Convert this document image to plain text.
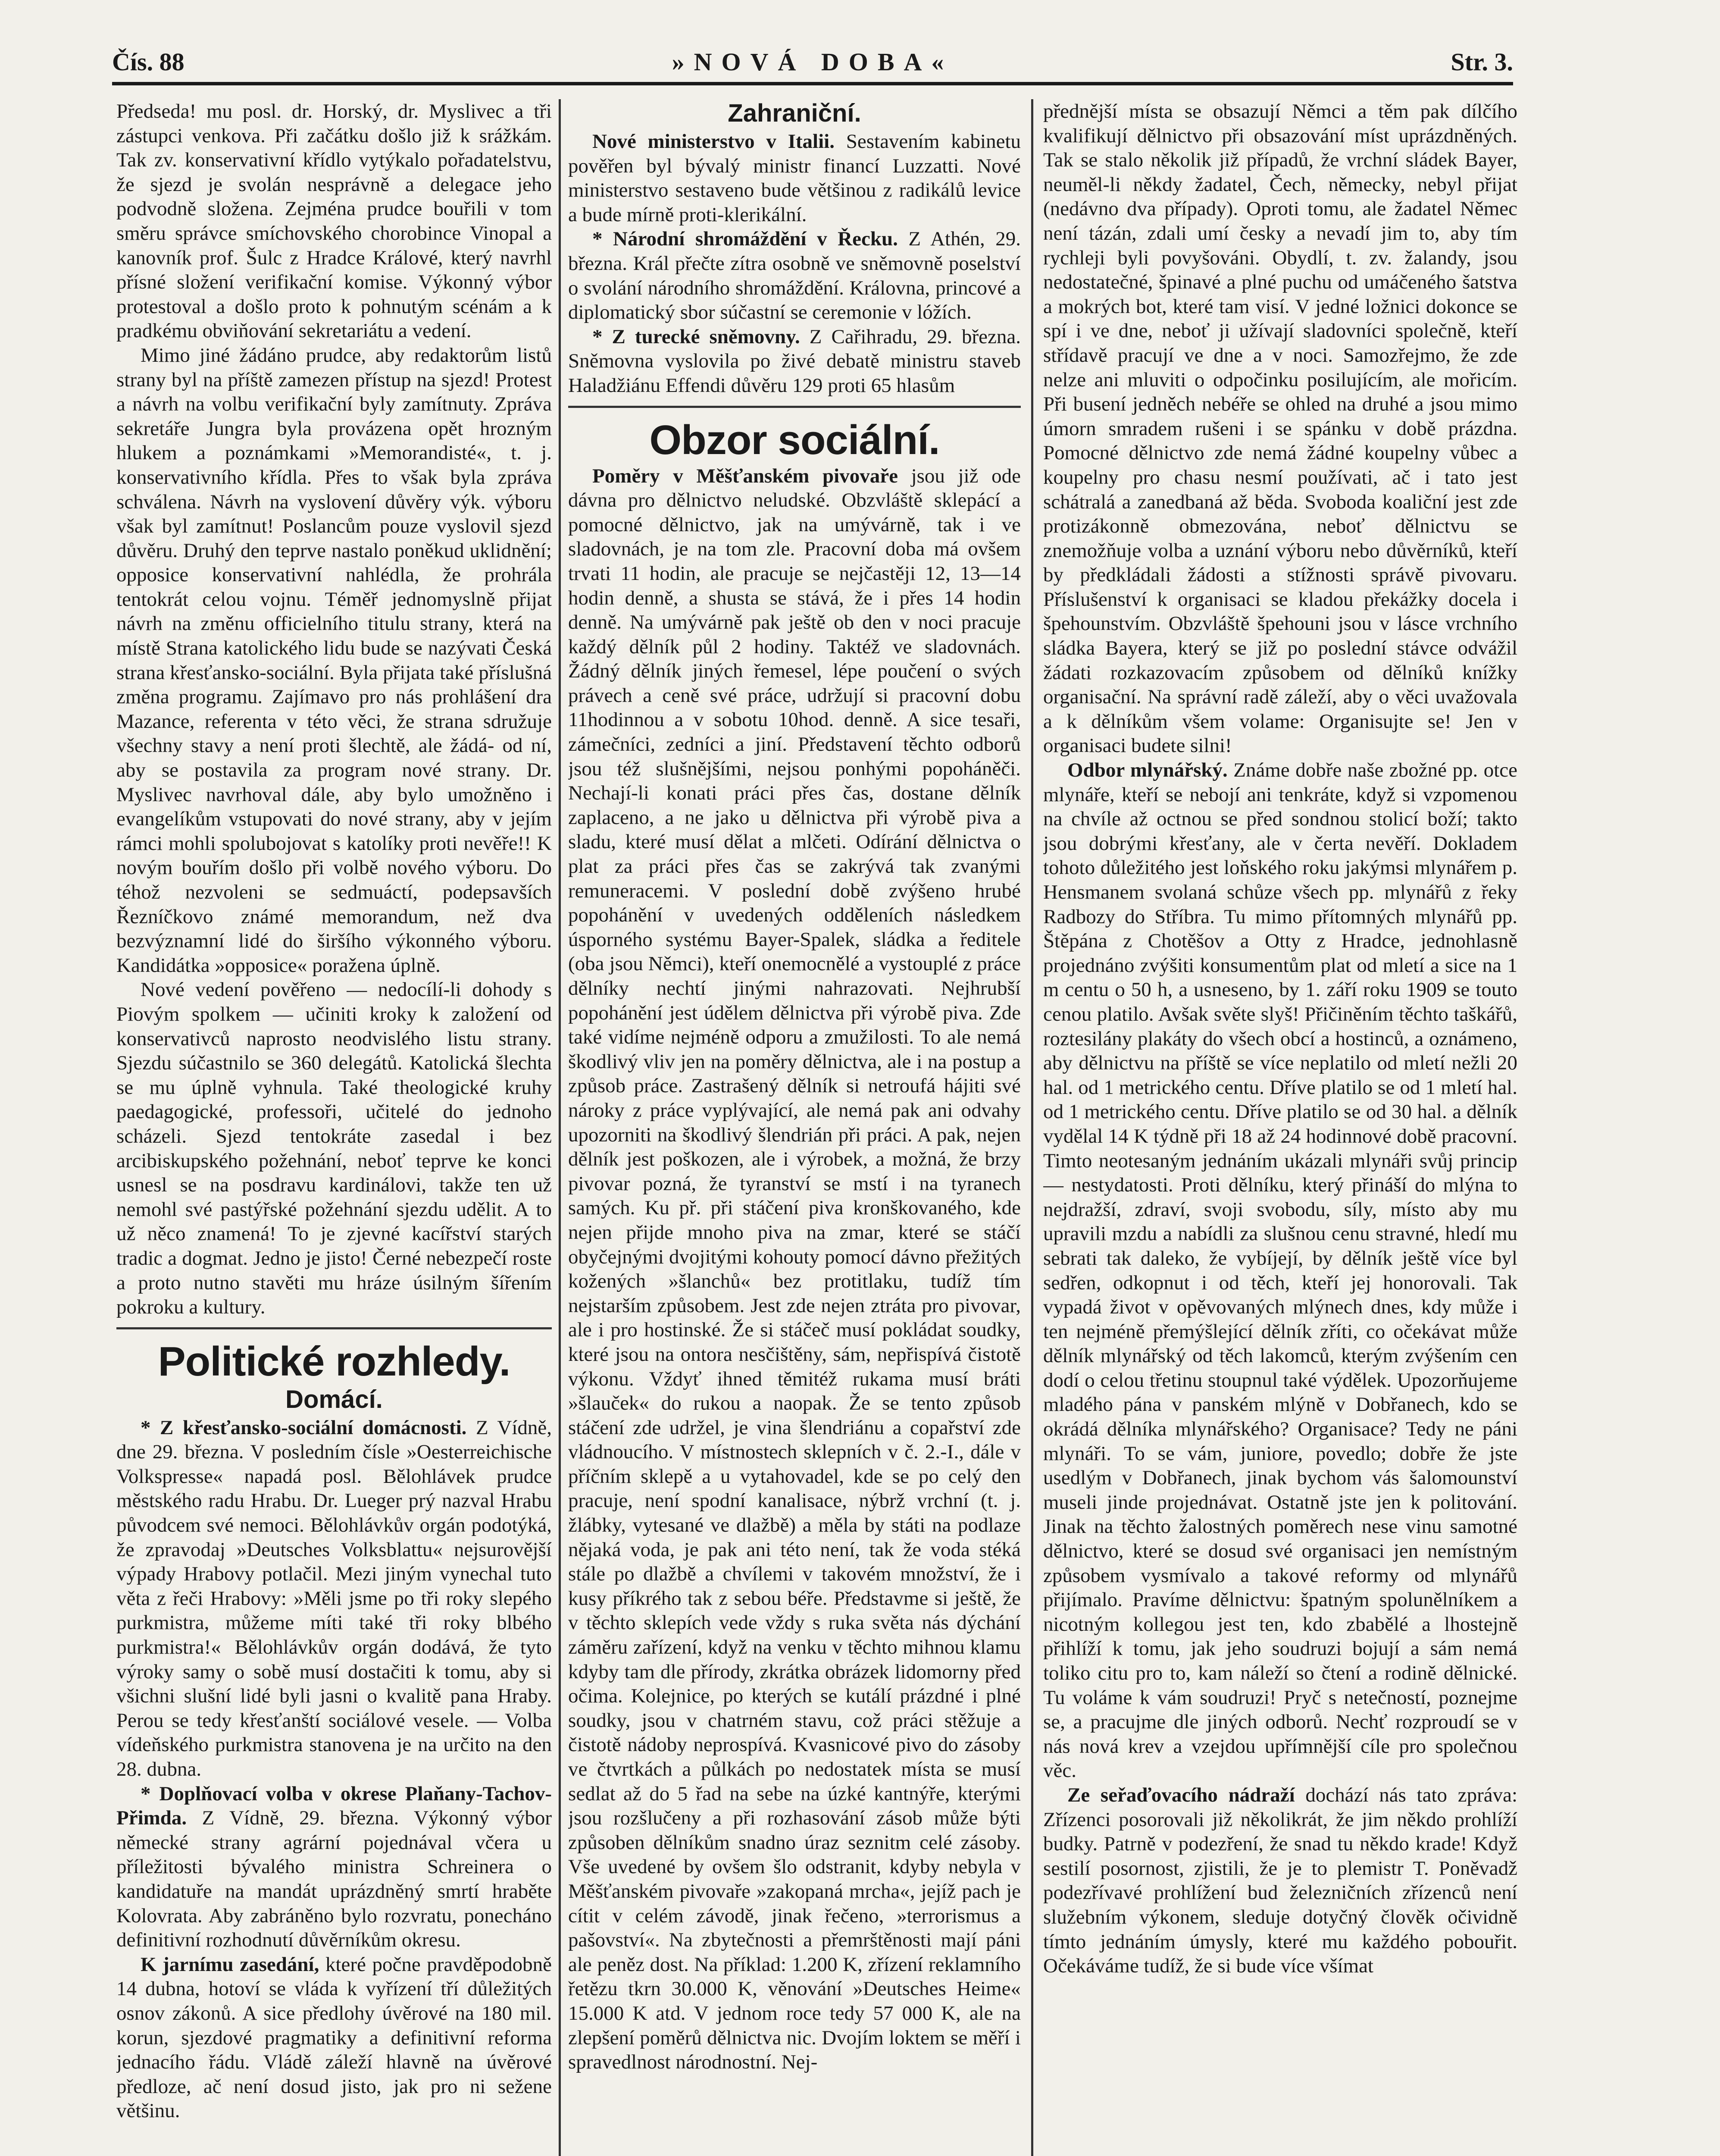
Čís. 88	»NOVÁ DOBA«	Str. 3.

Předseda! mu posl. dr. Horský, dr. Myslivec a tři zástupci venkova. Při začátku došlo již k srážkám. Tak zv. konservativní křídlo vytýkalo pořadatelstvu, že sjezd je svolán nesprávně a delegace jeho podvodně složena. Zejména prudce bouřili v tom směru správce smíchovského chorobince Vinopal a kanovník prof. Šulc z Hradce Králové, který navrhl přísné složení verifikační komise. Výkonný výbor protestoval a došlo proto k pohnutým scénám a k pradkému obviňování sekretariátu a vedení.

Mimo jiné žádáno prudce, aby redaktorům listů strany byl na příště zamezen přístup na sjezd! Protest a návrh na volbu verifikační byly zamítnuty. Zpráva sekretáře Jungra byla provázena opět hrozným hlukem a poznámkami »Memorandisté«, t. j. konservativního křídla. Přes to však byla zpráva schválena. Návrh na vyslovení důvěry výk. výboru však byl zamítnut! Poslancům pouze vyslovil sjezd důvěru. Druhý den teprve nastalo poněkud uklidnění; opposice konservativní nahlédla, že prohrála tentokrát celou vojnu. Téměř jednomyslně přijat návrh na změnu officielního titulu strany, která na místě Strana katolického lidu bude se nazývati Česká strana křesťansko-sociální. Byla přijata také příslušná změna programu. Zajímavo pro nás prohlášení dra Mazance, referenta v této věci, že strana sdružuje všechny stavy a není proti šlechtě, ale žádá- od ní, aby se postavila za program nové strany. Dr. Myslivec navrhoval dále, aby bylo umožněno i evangelíkům vstupovati do nové strany, aby v jejím rámci mohli spolubojovat s katolíky proti nevěře!! K novým bouřím došlo při volbě nového výboru. Do téhož nezvoleni se sedmuáctí, podepsavších Řezníčkovo známé memorandum, než dva bezvýznamní lidé do širšího výkonného výboru. Kandidátka »opposice« poražena úplně.

Nové vedení pověřeno — nedocílí-li dohody s Piovým spolkem — učiniti kroky k založení od konservativců naprosto neodvislého listu strany. Sjezdu súčastnilo se 360 delegátů. Katolická šlechta se mu úplně vyhnula. Také theologické kruhy paedagogické, professoři, učitelé do jednoho scházeli. Sjezd tentokráte zasedal i bez arcibiskupského požehnání, neboť teprve ke konci usnesl se na posdravu kardinálovi, takže ten už nemohl své pastýřské požehnání sjezdu udělit. A to už něco znamená! To je zjevné kacířství starých tradic a dogmat. Jedno je jisto! Černé nebezpečí roste a proto nutno stavěti mu hráze úsilným šířením pokroku a kultury.

Politické rozhledy.
Domácí.

* Z křesťansko-sociální domácnosti. Z Vídně, dne 29. března. V posledním čísle »Oesterreichische Volkspresse« napadá posl. Bělohlávek prudce městského radu Hrabu. Dr. Lueger prý nazval Hrabu původcem své nemoci. Bělohlávkův orgán podotýká, že zpravodaj »Deutsches Volksblattu« nejsurovější výpady Hrabovy potlačil. Mezi jiným vynechal tuto věta z řeči Hrabovy: »Měli jsme po tři roky slepého purkmistra, můžeme míti také tři roky blbého purkmistra!« Bělohlávkův orgán dodává, že tyto výroky samy o sobě musí dostačiti k tomu, aby si všichni slušní lidé byli jasni o kvalitě pana Hraby. Perou se tedy křesťanští sociálové vesele. — Volba vídeňského purkmistra stanovena je na určito na den 28. dubna.

* Doplňovací volba v okrese Plaňany-Tachov-Přimda. Z Vídně, 29. března. Výkonný výbor německé strany agrární pojednával včera u příležitosti bývalého ministra Schreinera o kandidatuře na mandát uprázdněný smrtí hraběte Kolovrata. Aby zabráněno bylo rozvratu, ponecháno definitivní rozhodnutí důvěrníkům okresu.

K jarnímu zasedání, které počne pravděpodobně 14 dubna, hotoví se vláda k vyřízení tří důležitých osnov zákonů. A sice předlohy úvěrové na 180 mil. korun, sjezdové pragmatiky a definitivní reforma jednacího řádu. Vládě záleží hlavně na úvěrové předloze, ač není dosud jisto, jak pro ni sežene většinu.

Zahraniční.

Nové ministerstvo v Italii. Sestavením kabinetu pověřen byl bývalý ministr financí Luzzatti. Nové ministerstvo sestaveno bude většinou z radikálů levice a bude mírně proti-klerikální.

* Národní shromáždění v Řecku. Z Athén, 29. března. Král přečte zítra osobně ve sněmovně poselství o svolání národního shromáždění. Královna, princové a diplomatický sbor súčastní se ceremonie v lóžích.

* Z turecké sněmovny. Z Cařihradu, 29. března. Sněmovna vyslovila po živé debatě ministru staveb Haladžiánu Effendi důvěru 129 proti 65 hlasům

Obzor sociální.

Poměry v Měšťanském pivovaře jsou již ode dávna pro dělnictvo neludské. Obzvláště sklepácí a pomocné dělnictvo, jak na umývárně, tak i ve sladovnách, je na tom zle. Pracovní doba má ovšem trvati 11 hodin, ale pracuje se nejčastěji 12, 13—14 hodin denně, a shusta se stává, že i přes 14 hodin denně. Na umývárně pak ještě ob den v noci pracuje každý dělník půl 2 hodiny. Taktéž ve sladovnách. Žádný dělník jiných řemesel, lépe poučení o svých právech a ceně své práce, udržují si pracovní dobu 11hodinnou a v sobotu 10hod. denně. A sice tesaři, zámečníci, zedníci a jiní. Představení těchto odborů jsou též slušnějšími, nejsou ponhými popoháněči. Nechají-li konati práci přes čas, dostane dělník zaplaceno, a ne jako u dělnictva při výrobě piva a sladu, které musí dělat a mlčeti. Odírání dělnictva o plat za práci přes čas se zakrývá tak zvanými remuneracemi. V poslední době zvýšeno hrubé popohánění v uvedených odděleních následkem úsporného systému Bayer-Spalek, sládka a ředitele (oba jsou Němci), kteří onemocnělé a vystouplé z práce dělníky nechtí jinými nahrazovati. Nejhrubší popohánění jest údělem dělnictva při výrobě piva. Zde také vidíme nejméně odporu a zmužilosti. To ale nemá škodlivý vliv jen na poměry dělnictva, ale i na postup a způsob práce. Zastrašený dělník si netroufá hájiti své nároky z práce vyplývající, ale nemá pak ani odvahy upozorniti na škodlivý šlendrián při práci. A pak, nejen dělník jest poškozen, ale i výrobek, a možná, že brzy pivovar pozná, že tyranství se mstí i na tyranech samých. Ku př. při stáčení piva kronškovaného, kde nejen přijde mnoho piva na zmar, které se stáčí obyčejnými dvojitými kohouty pomocí dávno přežitých kožených »šlanchů« bez protitlaku, tudíž tím nejstarším způsobem. Jest zde nejen ztráta pro pivovar, ale i pro hostinské. Že si stáčeč musí pokládat soudky, které jsou na ontora nesčištěny, sám, nepřispívá čistotě výkonu. Vždyť ihned těmitéž rukama musí bráti »šlauček« do rukou a naopak. Že se tento způsob stáčení zde udržel, je vina šlendriánu a copařství zde vládnoucího. V místnostech sklepních v č. 2.-I., dále v příčním sklepě a u vytahovadel, kde se po celý den pracuje, není spodní kanalisace, nýbrž vrchní (t. j. žlábky, vytesané ve dlažbě) a měla by státi na podlaze nějaká voda, je pak ani této není, tak že voda stéká stále po dlažbě a chvílemi v takovém množství, že i kusy příkrého tak z sebou béře. Představme si ještě, že v těchto sklepích vede vždy s ruka světa nás dýchání záměru zařízení, když na venku v těchto mihnou klamu kdyby tam dle přírody, zkrátka obrázek lidomorny před očima. Kolejnice, po kterých se kutálí prázdné i plné soudky, jsou v chatrném stavu, což práci stěžuje a čistotě nádoby neprospívá. Kvasnicové pivo do zásoby ve čtvrtkách a půlkách po nedostatek místa se musí sedlat až do 5 řad na sebe na úzké kantnýře, kterými jsou rozšlučeny a při rozhasování zásob může býti způsoben dělníkům snadno úraz seznitm celé zásoby. Vše uvedené by ovšem šlo odstranit, kdyby nebyla v Měšťanském pivovaře »zakopaná mrcha«, jejíž pach je cítit v celém závodě, jinak řečeno, »terrorismus a pašovství«. Na zbytečnosti a přemrštěnosti mají páni ale peněz dost. Na příklad: 1.200 K, zřízení reklamního řetězu tkrn 30.000 K, věnování »Deutsches Heime« 15.000 K atd. V jednom roce tedy 57 000 K, ale na zlepšení poměrů dělnictva nic. Dvojím loktem se měří i spravedlnost národnostní. Nej-

přednější místa se obsazují Němci a těm pak dílčího kvalifikují dělnictvo při obsazování míst uprázdněných. Tak se stalo několik již případů, že vrchní sládek Bayer, neuměl-li někdy žadatel, Čech, německy, nebyl přijat (nedávno dva případy). Oproti tomu, ale žadatel Němec není tázán, zdali umí česky a nevadí jim to, aby tím rychleji byli povyšováni. Obydlí, t. zv. žalandy, jsou nedostatečné, špinavé a plné puchu od umáčeného šatstva a mokrých bot, které tam visí. V jedné ložnici dokonce se spí i ve dne, neboť ji užívají sladovníci společně, kteří střídavě pracují ve dne a v noci. Samozřejmo, že zde nelze ani mluviti o odpočinku posilujícím, ale mořicím. Při busení jedněch nebéře se ohled na druhé a jsou mimo úmorn smradem rušeni i se spánku v době prázdna. Pomocné dělnictvo zde nemá žádné koupelny vůbec a koupelny pro chasu nesmí používati, ač i tato jest schátralá a zanedbaná až běda. Svoboda koaliční jest zde protizákonně obmezována, neboť dělnictvu se znemožňuje volba a uznání výboru nebo důvěrníků, kteří by předkládali žádosti a stížnosti správě pivovaru. Příslušenství k organisaci se kladou překážky docela i špehounstvím. Obzvláště špehouni jsou v lásce vrchního sládka Bayera, který se již po poslední stávce odvážil žádati rozkazovacím způsobem od dělníků knížky organisační. Na správní radě záleží, aby o věci uvažovala a k dělníkům všem volame: Organisujte se! Jen v organisaci budete silni!

Odbor mlynářský. Známe dobře naše zbožné pp. otce mlynáře, kteří se nebojí ani tenkráte, když si vzpomenou na chvíle až octnou se před sondnou stolicí boží; takto jsou dobrými křesťany, ale v čerta nevěří. Dokladem tohoto důležitého jest loňského roku jakýmsi mlynářem p. Hensmanem svolaná schůze všech pp. mlynářů z řeky Radbozy do Stříbra. Tu mimo přítomných mlynářů pp. Štěpána z Chotěšov a Otty z Hradce, jednohlasně projednáno zvýšiti konsumentům plat od mletí a sice na 1 m centu o 50 h, a usneseno, by 1. září roku 1909 se touto cenou platilo. Avšak světe slyš! Přičiněním těchto taškářů, roztesilány plakáty do všech obcí a hostinců, a oznámeno, aby dělnictvu na příště se více neplatilo od mletí nežli 20 hal. od 1 metrického centu. Dříve platilo se od 1 mletí hal. od 1 metrického centu. Dříve platilo se od 30 hal. a dělník vydělal 14 K týdně při 18 až 24 hodinnové době pracovní. Timto neotesaným jednáním ukázali mlynáři svůj princip — nestydatosti. Proti dělníku, který přináší do mlýna to nejdražší, zdraví, svoji svobodu, síly, místo aby mu upravili mzdu a nabídli za slušnou cenu stravné, hledí mu sebrati tak daleko, že vybíjejí, by dělník ještě více byl sedřen, odkopnut i od těch, kteří jej honorovali. Tak vypadá život v opěvovaných mlýnech dnes, kdy může i ten nejméně přemýšlející dělník zříti, co očekávat může dělník mlynářský od těch lakomců, kterým zvýšením cen dodí o celou třetinu stoupnul také výdělek. Upozorňujeme mladého pána v panském mlýně v Dobřanech, kdo se okrádá dělníka mlynářského? Organisace? Tedy ne páni mlynáři. To se vám, juniore, povedlo; dobře že jste usedlým v Dobřanech, jinak bychom vás šalomounství museli jinde projednávat. Ostatně jste jen k politování. Jinak na těchto žalostných poměrech nese vinu samotné dělnictvo, které se dosud své organisaci jen nemístným způsobem vysmívalo a takové reformy od mlynářů přijímalo. Pravíme dělnictvu: špatným spolunělníkem a nicotným kollegou jest ten, kdo zbabělé a lhostejně přihlíží k tomu, jak jeho soudruzi bojují a sám nemá toliko citu pro to, kam náleží so čtení a rodině dělnické. Tu voláme k vám soudruzi! Pryč s netečností, poznejme se, a pracujme dle jiných odborů. Nechť rozproudí se v nás nová krev a vzejdou upřímnější cíle pro společnou věc.

Ze seřaďovacího nádraží dochází nás tato zpráva: Zřízenci posorovali již několikrát, že jim někdo prohlíží budky. Patrně v podezření, že snad tu někdo krade! Když sestilí posornost, zjistili, že je to plemistr T. Poněvadž podezřívavé prohlížení bud železničních zřízenců není služebním výkonem, sleduje dotyčný člověk očividně tímto jednáním úmysly, které mu každého pobouřit. Očekáváme tudíž, že si bude více všímat
